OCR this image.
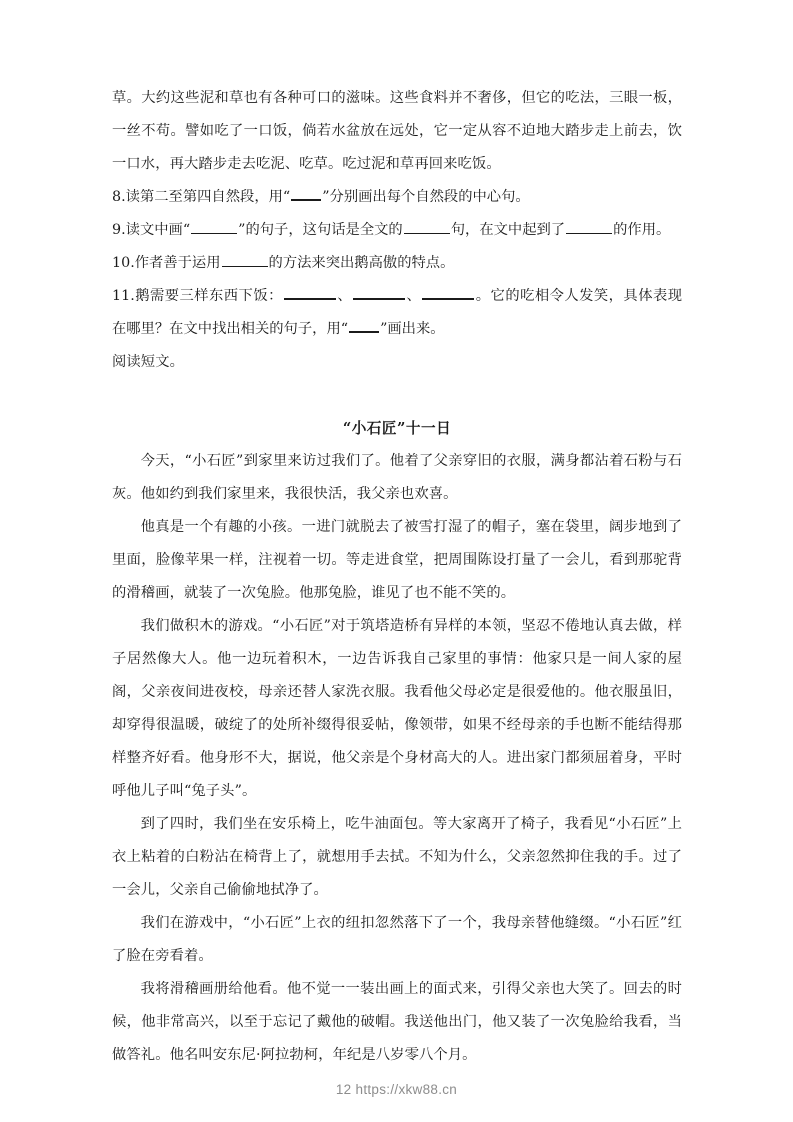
草。大约这些泥和草也有各种可口的滋味。这些食料并不奢侈，但它的吃法，三眼一板，一丝不苟。譬如吃了一口饭，倘若水盆放在远处，它一定从容不迫地大踏步走上前去，饮一口水，再大踏步走去吃泥、吃草。吃过泥和草再回来吃饭。

8.读第二至第四自然段，用“ ”分别画出每个自然段的中心句。

9.读文中画“	”的句子，这句话是全文的	句，在文中起到了	的作用。

10.作者善于运用	的方法来突出鹅高傲的特点。

11.鹅需要三样东西下饭：	、	、	。它的吃相令人发笑，具体表现在哪里？在文中找出相关的句子，用“ ”画出来。

阅读短文。

“小石匠”十一日

今天，“小石匠”到家里来访过我们了。他着了父亲穿旧的衣服，满身都沾着石粉与石灰。他如约到我们家里来，我很快活，我父亲也欢喜。

他真是一个有趣的小孩。一进门就脱去了被雪打湿了的帽子，塞在袋里，阔步地到了里面，脸像苹果一样，注视着一切。等走进食堂，把周围陈设打量了一会儿，看到那驼背的滑稽画，就装了一次兔脸。他那兔脸，谁见了也不能不笑的。

我们做积木的游戏。“小石匠”对于筑塔造桥有异样的本领，坚忍不倦地认真去做，样子居然像大人。他一边玩着积木，一边告诉我自己家里的事情：他家只是一间人家的屋阁，父亲夜间进夜校，母亲还替人家洗衣服。我看他父母必定是很爱他的。他衣服虽旧，却穿得很温暖，破绽了的处所补缀得很妥帖，像领带，如果不经母亲的手也断不能结得那样整齐好看。他身形不大，据说，他父亲是个身材高大的人。进出家门都须屈着身，平时呼他儿子叫“兔子头”。

到了四时，我们坐在安乐椅上，吃牛油面包。等大家离开了椅子，我看见“小石匠”上衣上粘着的白粉沾在椅背上了，就想用手去拭。不知为什么，父亲忽然抑住我的手。过了一会儿，父亲自己偷偷地拭净了。

我们在游戏中，“小石匠”上衣的纽扣忽然落下了一个，我母亲替他缝缀。“小石匠”红了脸在旁看着。

我将滑稽画册给他看。他不觉一一装出画上的面式来，引得父亲也大笑了。回去的时候，他非常高兴，以至于忘记了戴他的破帽。我送他出门，他又装了一次兔脸给我看，当做答礼。他名叫安东尼·阿拉勃柯，年纪是八岁零八个月。

12 https://xkw88.cn
